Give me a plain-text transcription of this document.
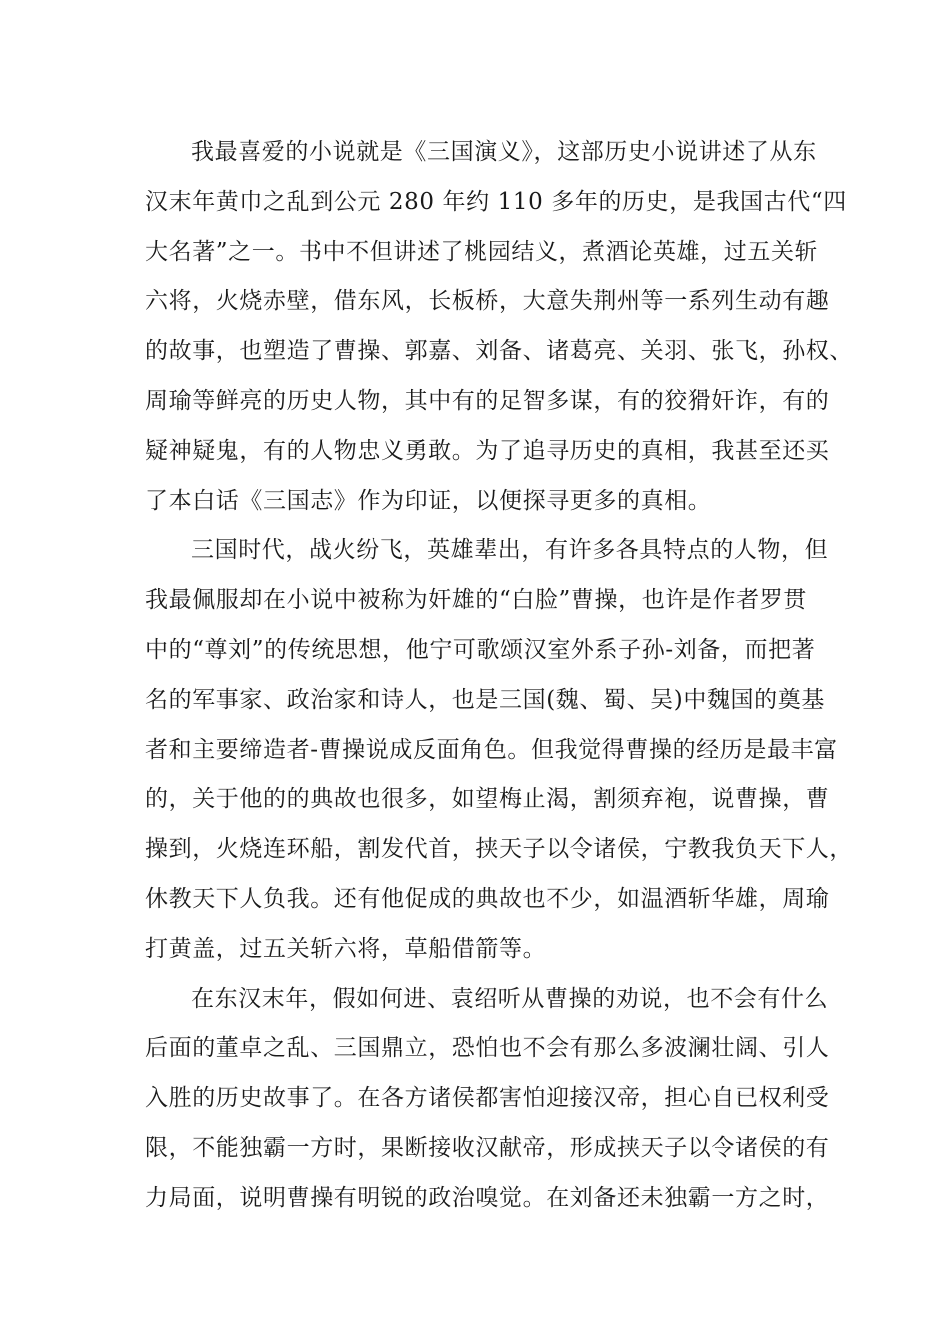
我最喜爱的小说就是《三国演义》，这部历史小说讲述了从东
汉末年黄巾之乱到公元 280 年约 110 多年的历史，是我国古代“四
大名著”之一。书中不但讲述了桃园结义，煮酒论英雄，过五关斩
六将，火烧赤壁，借东风，长板桥，大意失荆州等一系列生动有趣
的故事，也塑造了曹操、郭嘉、刘备、诸葛亮、关羽、张飞，孙权、
周瑜等鲜亮的历史人物，其中有的足智多谋，有的狡猾奸诈，有的
疑神疑鬼，有的人物忠义勇敢。为了追寻历史的真相，我甚至还买
了本白话《三国志》作为印证，以便探寻更多的真相。
三国时代，战火纷飞，英雄辈出，有许多各具特点的人物，但
我最佩服却在小说中被称为奸雄的“白脸”曹操，也许是作者罗贯
中的“尊刘”的传统思想，他宁可歌颂汉室外系子孙-刘备，而把著
名的军事家、政治家和诗人，也是三国(魏、蜀、吴)中魏国的奠基
者和主要缔造者-曹操说成反面角色。但我觉得曹操的经历是最丰富
的，关于他的的典故也很多，如望梅止渴，割须弃袍，说曹操，曹
操到，火烧连环船，割发代首，挟天子以令诸侯，宁教我负天下人，
休教天下人负我。还有他促成的典故也不少，如温酒斩华雄，周瑜
打黄盖，过五关斩六将，草船借箭等。
在东汉末年，假如何进、袁绍听从曹操的劝说，也不会有什么
后面的董卓之乱、三国鼎立，恐怕也不会有那么多波澜壮阔、引人
入胜的历史故事了。在各方诸侯都害怕迎接汉帝，担心自已权利受
限，不能独霸一方时，果断接收汉献帝，形成挟天子以令诸侯的有
力局面，说明曹操有明锐的政治嗅觉。在刘备还未独霸一方之时，
